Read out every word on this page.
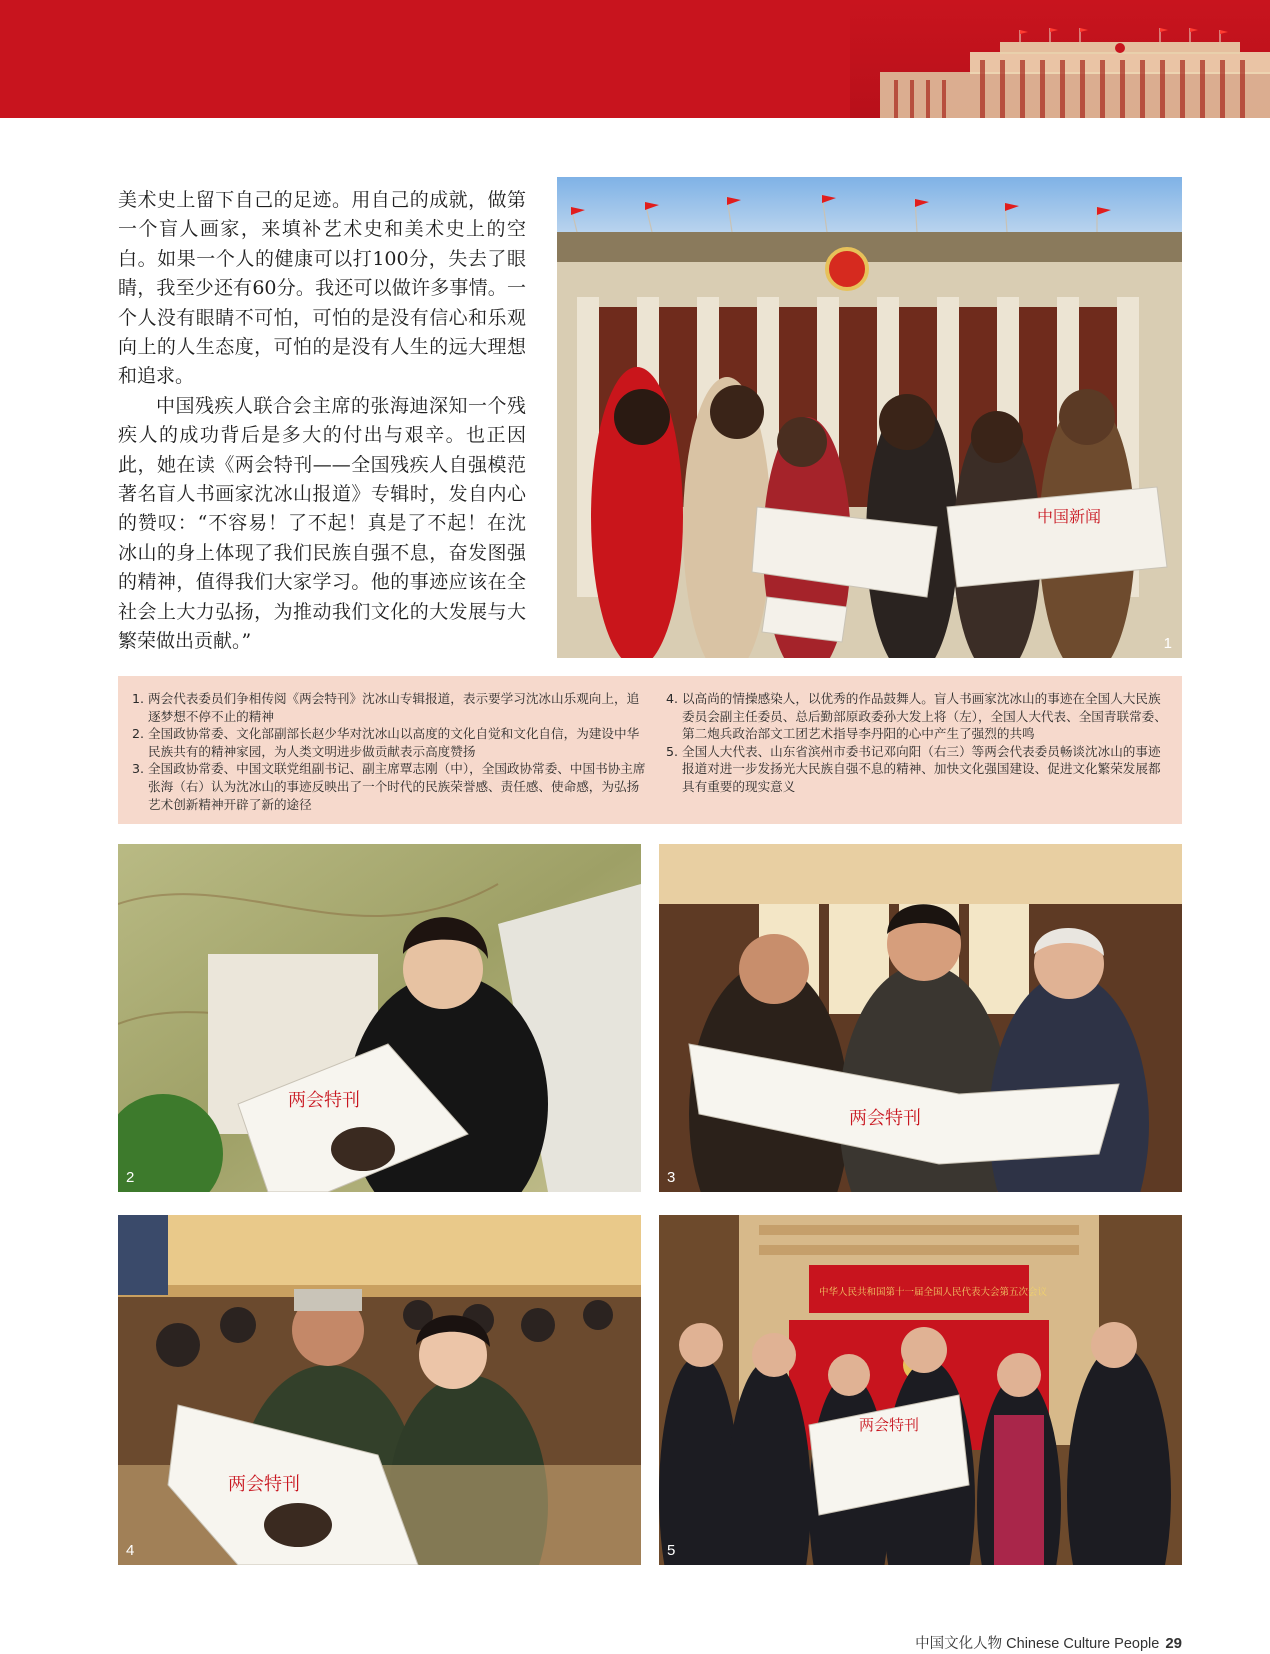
美术史上留下自己的足迹。用自己的成就，做第一个盲人画家，来填补艺术史和美术史上的空白。如果一个人的健康可以打100分，失去了眼睛，我至少还有60分。我还可以做许多事情。一个人没有眼睛不可怕，可怕的是没有信心和乐观向上的人生态度，可怕的是没有人生的远大理想和追求。

中国残疾人联合会主席的张海迪深知一个残疾人的成功背后是多大的付出与艰辛。也正因此，她在读《两会特刊——全国残疾人自强模范著名盲人书画家沈冰山报道》专辑时，发自内心的赞叹：“不容易！了不起！真是了不起！在沈冰山的身上体现了我们民族自强不息，奋发图强的精神，值得我们大家学习。他的事迹应该在全社会上大力弘扬，为推动我们文化的大发展与大繁荣做出贡献。”

中国新闻
1

1. 两会代表委员们争相传阅《两会特刊》沈冰山专辑报道，表示要学习沈冰山乐观向上，追逐梦想不停不止的精神

2. 全国政协常委、文化部副部长赵少华对沈冰山以高度的文化自觉和文化自信，为建设中华民族共有的精神家园，为人类文明进步做贡献表示高度赞扬

3. 全国政协常委、中国文联党组副书记、副主席覃志刚（中），全国政协常委、中国书协主席张海（右）认为沈冰山的事迹反映出了一个时代的民族荣誉感、责任感、使命感，为弘扬艺术创新精神开辟了新的途径

4. 以高尚的情操感染人，以优秀的作品鼓舞人。盲人书画家沈冰山的事迹在全国人大民族委员会副主任委员、总后勤部原政委孙大发上将（左），全国人大代表、全国青联常委、第二炮兵政治部文工团艺术指导李丹阳的心中产生了强烈的共鸣

5. 全国人大代表、山东省滨州市委书记邓向阳（右三）等两会代表委员畅谈沈冰山的事迹报道对进一步发扬光大民族自强不息的精神、加快文化强国建设、促进文化繁荣发展都具有重要的现实意义

两会特刊
2
两会特刊
3
两会特刊
4
中华人民共和国第十一届全国人民代表大会第五次会议
两会特刊
5
中国文化人物 Chinese Culture People 29
